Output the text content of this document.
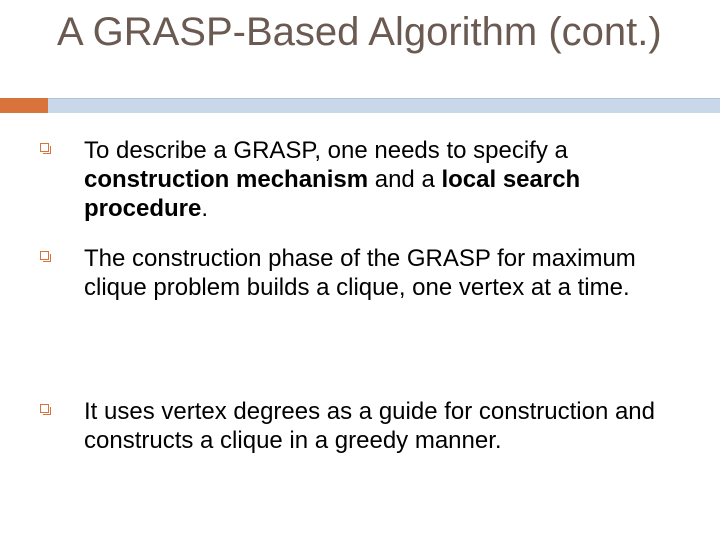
A GRASP-Based Algorithm (cont.)
To describe a GRASP, one needs to specify a construction mechanism and a local search procedure.
The construction phase of the GRASP for maximum clique problem builds a clique, one vertex at a time.
It uses vertex degrees as a guide for construction and constructs a clique in a greedy manner.
